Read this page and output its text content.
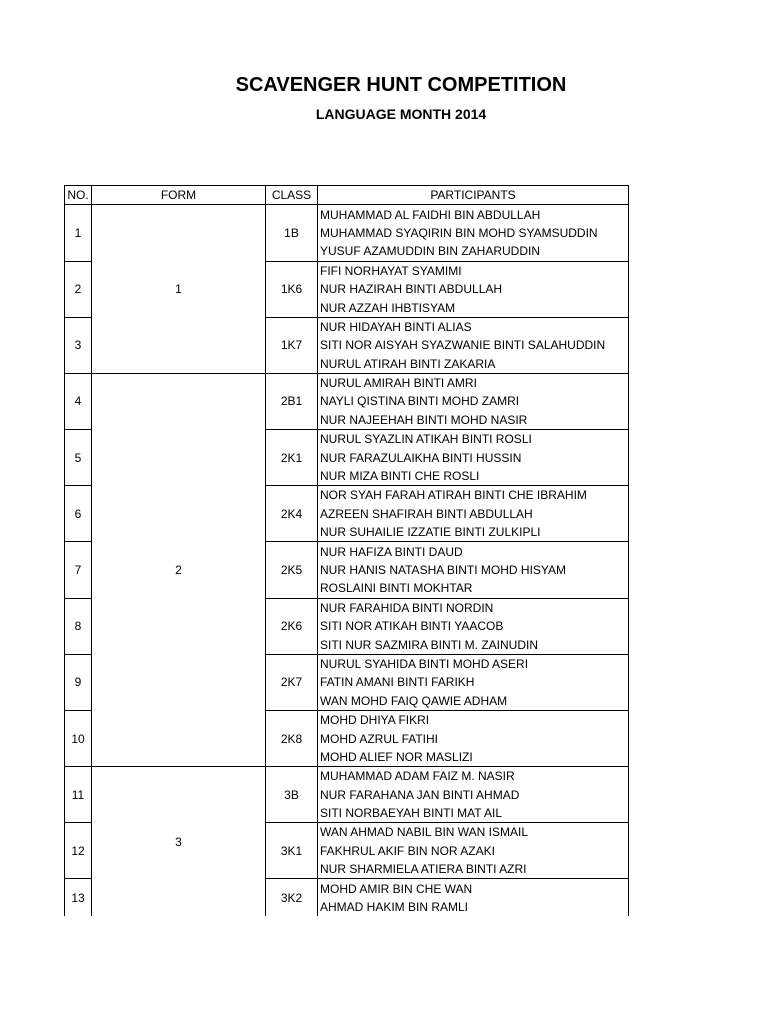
SCAVENGER HUNT COMPETITION
LANGUAGE MONTH 2014
NO.	FORM	CLASS	PARTICIPANTS
1	1	1B	MUHAMMAD AL FAIDHI BIN ABDULLAH
			MUHAMMAD SYAQIRIN BIN MOHD SYAMSUDDIN
			YUSUF AZAMUDDIN BIN ZAHARUDDIN
2		1K6	FIFI NORHAYAT SYAMIMI
			NUR HAZIRAH BINTI ABDULLAH
			NUR AZZAH IHBTISYAM
3		1K7	NUR HIDAYAH BINTI ALIAS
			SITI NOR AISYAH SYAZWANIE BINTI SALAHUDDIN
			NURUL ATIRAH BINTI ZAKARIA
4	2	2B1	NURUL AMIRAH BINTI AMRI
			NAYLI QISTINA BINTI MOHD ZAMRI
			NUR NAJEEHAH BINTI MOHD NASIR
5		2K1	NURUL SYAZLIN ATIKAH BINTI ROSLI
			NUR FARAZULAIKHA BINTI HUSSIN
			NUR MIZA BINTI CHE ROSLI
6		2K4	NOR SYAH FARAH ATIRAH BINTI CHE IBRAHIM
			AZREEN SHAFIRAH BINTI ABDULLAH
			NUR SUHAILIE IZZATIE BINTI ZULKIPLI
7		2K5	NUR HAFIZA BINTI DAUD
			NUR HANIS NATASHA BINTI MOHD HISYAM
			ROSLAINI BINTI MOKHTAR
8		2K6	NUR FARAHIDA BINTI NORDIN
			SITI NOR ATIKAH BINTI YAACOB
			SITI NUR SAZMIRA BINTI M. ZAINUDIN
9		2K7	NURUL SYAHIDA BINTI MOHD ASERI
			FATIN AMANI BINTI FARIKH
			WAN MOHD FAIQ QAWIE ADHAM
10		2K8	MOHD DHIYA FIKRI
			MOHD AZRUL FATIHI
			MOHD ALIEF NOR MASLIZI
11	3	3B	MUHAMMAD ADAM FAIZ M. NASIR
			NUR FARAHANA JAN BINTI AHMAD
			SITI NORBAEYAH BINTI MAT AIL
12		3K1	WAN AHMAD NABIL BIN WAN ISMAIL
			FAKHRUL AKIF BIN NOR AZAKI
			NUR SHARMIELA ATIERA BINTI AZRI
13		3K2	MOHD AMIR BIN CHE WAN
			AHMAD HAKIM BIN RAMLI
